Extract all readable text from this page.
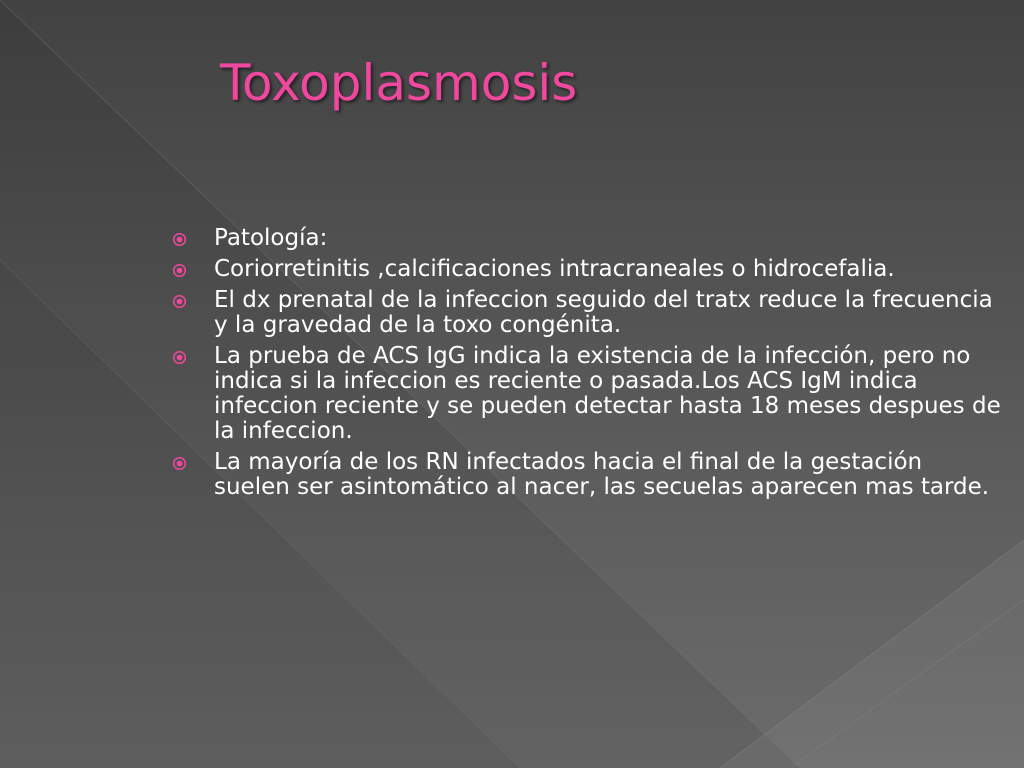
Toxoplasmosis
Patología:
Coriorretinitis ,calcificaciones intracraneales o hidrocefalia.
El dx prenatal de la infeccion seguido del tratx reduce la frecuencia y la gravedad de la toxo congénita.
La prueba de ACS IgG indica la existencia de la infección, pero no indica si la infeccion es reciente o pasada.Los ACS IgM indica infeccion reciente y se pueden detectar hasta 18 meses despues de la infeccion.
La mayoría de los RN infectados hacia el final de la gestación suelen ser asintomático al nacer, las secuelas aparecen mas tarde.
